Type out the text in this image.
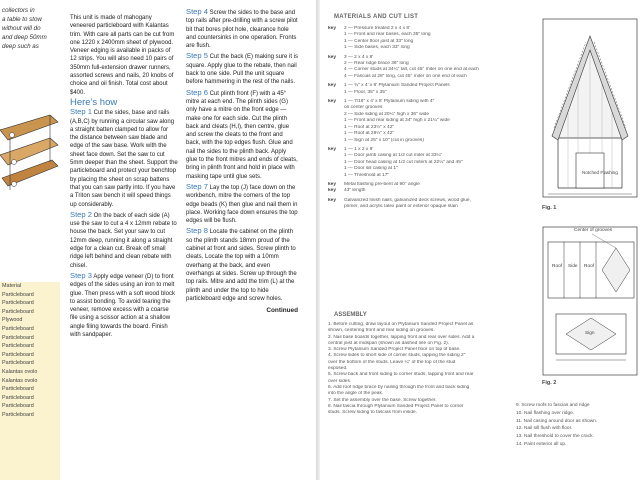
collectors in
a table to stow
without will do
and deep 50mm
deep such as
Material
Particleboard
Particleboard
Particleboard
Plywood
Particleboard
Particleboard
Particleboard
Particleboard
Particleboard
Kalantas ovolo
Kalantas ovolo
Particleboard
Particleboard
Particleboard
Particleboard

This unit is made of mahogany veneered particleboard with Kalantas trim. With care all parts can be cut from one 1220 x 2400mm sheet of plywood. Veneer edging is available in packs of 12 strips. You will also need 10 pairs of 350mm full-extension drawer runners, assorted screws and nails, 20 knobs of choice and oil finish. Total cost about $400.

Here's how

Step 1 Cut the sides, base and rails (A,B,C) by running a circular saw along a straight batten clamped to allow for the distance between saw blade and edge of the saw base. Work with the sheet face down. Set the saw to cut 5mm deeper than the sheet. Support the particleboard and protect your benchtop by placing the sheet on scrap battens that you can saw partly into. If you have a Triton saw bench it will speed things up considerably.

Step 2 On the back of each side (A) use the saw to cut a 4 x 12mm rebate to house the back. Set your saw to cut 12mm deep, running it along a straight edge for a clean cut. Break off small ridge left behind and clean rebate with chisel.

Step 3 Apply edge veneer (D) to front edges of the sides using an iron to melt glue. Then press with a soft wood block to assist bonding. To avoid tearing the veneer, remove excess with a coarse file using a scissor action at a shallow angle filing towards the board. Finish with sandpaper.

Step 4 Screw the sides to the base and top rails after pre-drilling with a screw pilot bit that bores pilot hole, clearance hole and countersinks in one operation. Fronts are flush.

Step 5 Cut the back (E) making sure it is square. Apply glue to the rebate, then nail back to one side. Pull the unit square before hammering in the rest of the nails.

Step 6 Cut plinth front (F) with a 45° mitre at each end. The plinth sides (G) only have a mitre on the front edge — make one for each side. Cut the plinth back and cleats (H,I), then centre, glue and screw the cleats to the front and back, with the top edges flush. Glue and nail the sides to the plinth back. Apply glue to the front mitres and ends of cleats, bring in plinth front and hold in place with masking tape until glue sets.

Step 7 Lay the top (J) face down on the workbench, mitre the corners of the top edge beads (K) then glue and nail them in place. Working face down ensures the top edges will be flush.

Step 8 Locate the cabinet on the plinth so the plinth stands 18mm proud of the cabinet at front and sides. Screw plinth to cleats. Locate the top with a 10mm overhang at the back, and even overhangs at sides. Screw up through the top rails. Mitre and add the trim (L) at the plinth and under the top to hide particleboard edge and screw holes.

Continued
MATERIALS AND CUT LIST
key 2 — Pressure treated 2 x 4 x 8'
1 — Front and rear bases, each 35" long
1 — Center floor joist at 33" long
1 — Side bases, each 33" long
key 3 — 2 x 4 x 8'
2 — Rear ridge brace 36" long
4 — Corner studs at 34¼" tall, cut 45° miter on one end at each
4 — Fascias at 28" long, cut 45° miter on one end of each
key 1 — ¾" x 4' x 8' Plytanium Sanded Project Panels
1 — Floor, 35" x 35"
key 1 — 7/16" x 4' x 8' Plytanium siding with 4"
on center grooves
2 — Side siding at 20¼" high x 36" wide
1 — Front and rear siding at 34" high x 21¼" wide
1 — Roof at 23½" x 42"
1 — Roof at 29½" x 42"
1 — Sign at 25" x 10" (cut in grooves)
key 1 — 1 x 2 x 8'
1 — Door jamb casing at 1/2 cut miter at 33¼"
1 — Door head casing at 1/2 cut miters at 22¼" and 45"
1 — Door sill casing at 1"
1 — Threshold at 17"
key Metal flashing pre-bent at 90° angle
key 43" length
key Galvanized finish nails, galvanized deck screws, wood glue,
primer, and acrylic latex paint or exterior opaque stain
ASSEMBLY
1. Before cutting, draw layout on Plytanium Sanded Project Panel as
shown, centering front and rear siding on grooves.
2. Nail base boards together, lapping front and rear over sides. Add a
central joist at midspan (shown as dashed line on Fig. 2).
3. Screw Plytanium Sanded Project Panel floor on top of base.
4. Screw sides to short side of corner studs, lapping the siding 2"
over the bottom of the studs. Leave ¼" of the top of the stud
exposed.
5. Screw back and front siding to corner studs, lapping front and rear
over sides.
6. Add roof ridge brace by nailing through the front and back siding
into the angle of the peak.
7. Set the assembly over the base. Screw together.
8. Nail fascia through Plytanium Sanded Project Panel to corner
studs. Screw siding to fascias from inside.
Fig. 1
Notched Flashing
Center of grooves
Roof Side Roof
Sign
Fig. 2
9. Screw roofs to fascias and ridge
10. Nail flashing over ridge.
11. Nail casing around door as shown.
12. Nail sill flush with floor.
13. Nail threshold to cover the crack.
14. Paint exterior all up.
